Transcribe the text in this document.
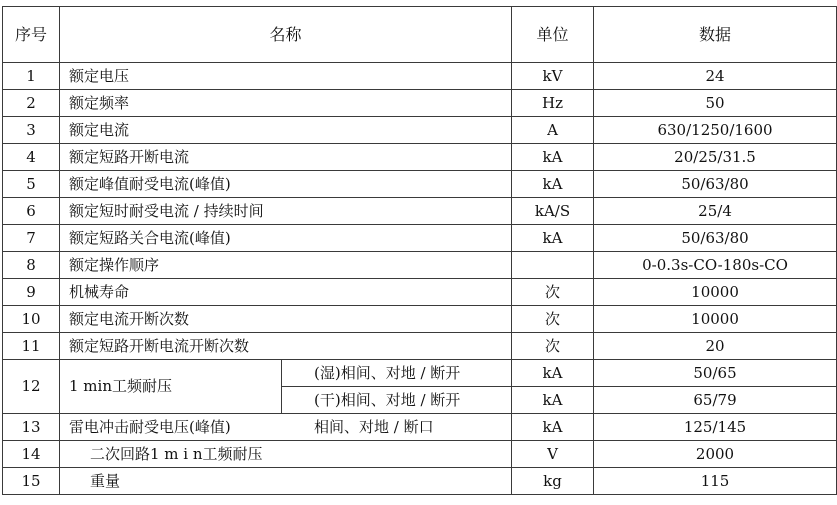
序号	名称		单位	数据
1	额定电压		kV	24
2	额定频率		Hz	50
3	额定电流		A	630/1250/1600
4	额定短路开断电流		kA	20/25/31.5
5	额定峰值耐受电流(峰值)		kA	50/63/80
6	额定短时耐受电流 / 持续时间		kA/S	25/4
7	额定短路关合电流(峰值)		kA	50/63/80
8	额定操作顺序			0-0.3s-CO-180s-CO
9	机械寿命		次	10000
10	额定电流开断次数		次	10000
11	额定短路开断电流开断次数		次	20
12	1 min工频耐压	(湿)相间、对地 / 断开	kA	50/65
		(干)相间、对地 / 断开	kA	65/79
13	雷电冲击耐受电压(峰值)	相间、对地 / 断口	kA	125/145
14	二次回路1 m i n工频耐压		V	2000
15	重量		kg	115
